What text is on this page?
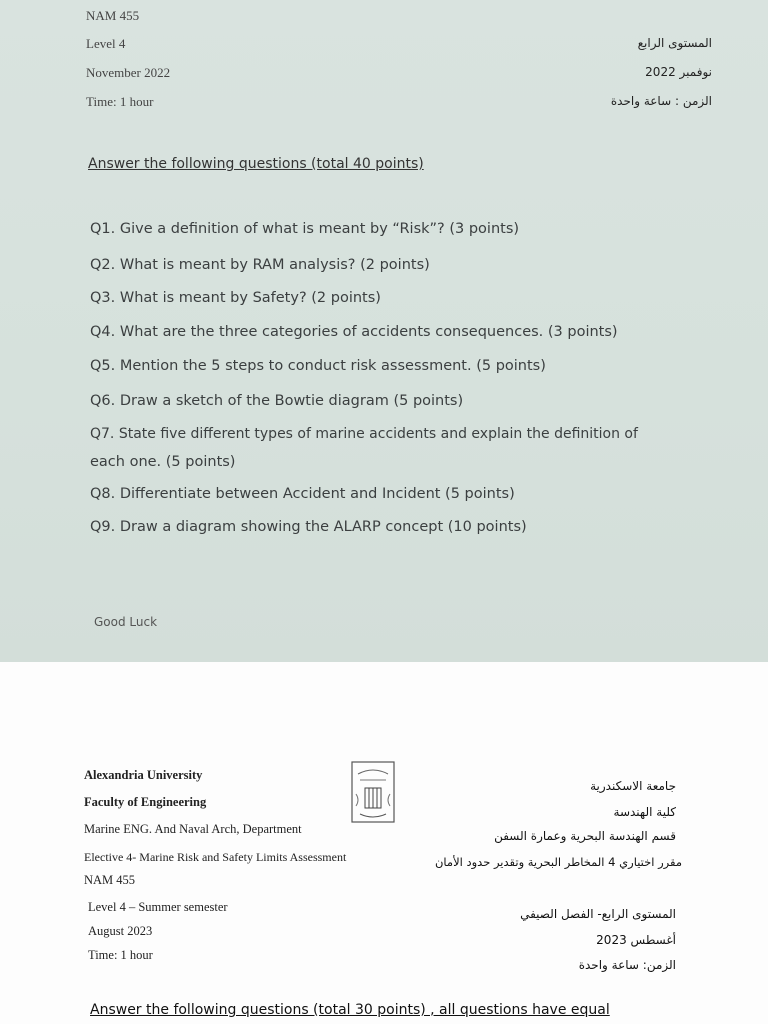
NAM 455
Level 4
November 2022
Time: 1 hour
المستوى الرابع
نوفمبر 2022
الزمن : ساعة واحدة
Answer the following questions (total 40 points)
Q1. Give a definition of what is meant by “Risk”? (3 points)
Q2. What is meant by RAM analysis? (2 points)
Q3. What is meant by Safety? (2 points)
Q4. What are the three categories of accidents consequences. (3 points)
Q5. Mention the 5 steps to conduct risk assessment. (5 points)
Q6. Draw a sketch of the Bowtie diagram (5 points)
Q7. State five different types of marine accidents and explain the definition of
each one. (5 points)
Q8. Differentiate between Accident and Incident (5 points)
Q9. Draw a diagram showing the ALARP concept (10 points)
Good Luck
Alexandria University
Faculty of Engineering
Marine ENG. And Naval Arch, Department
Elective 4- Marine Risk and Safety Limits Assessment
NAM 455
Level 4 – Summer semester
August 2023
Time: 1 hour
جامعة الاسكندرية
كلية الهندسة
قسم الهندسة البحرية وعمارة السفن
مقرر اختياري 4 المخاطر البحرية وتقدير حدود الأمان
المستوى الرابع- الفصل الصيفي
أغسطس 2023
الزمن: ساعة واحدة
Answer the following questions (total 30 points) , all questions have equal
